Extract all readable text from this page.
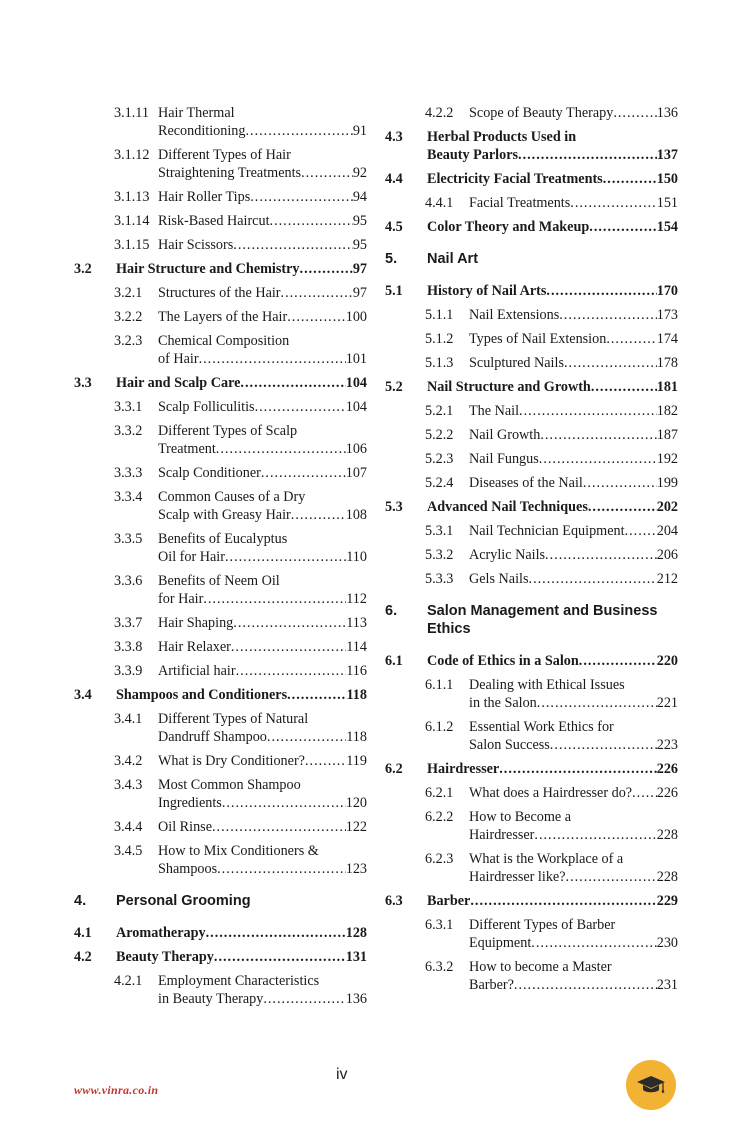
3.1.11 Hair Thermal
Reconditioning .....	91
3.1.12 Different Types of Hair
Straightening Treatments .....	92
3.1.13 Hair Roller Tips .....	94
3.1.14 Risk-Based Haircut .....	95
3.1.15 Hair Scissors .....	95
3.2 Hair Structure and Chemistry .....	97
3.2.1 Structures of the Hair .....	97
3.2.2 The Layers of the Hair .....	100
3.2.3 Chemical Composition
of Hair .....	101
3.3 Hair and Scalp Care .....	104
3.3.1 Scalp Folliculitis .....	104
3.3.2 Different Types of Scalp
Treatment .....	106
3.3.3 Scalp Conditioner .....	107
3.3.4 Common Causes of a Dry
Scalp with Greasy Hair .....	108
3.3.5 Benefits of Eucalyptus
Oil for Hair .....	110
3.3.6 Benefits of Neem Oil
for Hair .....	112
3.3.7 Hair Shaping .....	113
3.3.8 Hair Relaxer .....	114
3.3.9 Artificial hair .....	116
3.4 Shampoos and Conditioners .....	118
3.4.1 Different Types of Natural
Dandruff Shampoo .....	118
3.4.2 What is Dry Conditioner? .....	119
3.4.3 Most Common Shampoo
Ingredients .....	120
3.4.4 Oil Rinse .....	122
3.4.5 How to Mix Conditioners &
Shampoos .....	123
4. Personal Grooming
4.1 Aromatherapy .....	128
4.2 Beauty Therapy .....	131
4.2.1 Employment Characteristics
in Beauty Therapy .....	136
4.2.2 Scope of Beauty Therapy .....	136
4.3 Herbal Products Used in
Beauty Parlors .....	137
4.4 Electricity Facial Treatments .....	150
4.4.1 Facial Treatments .....	151
4.5 Color Theory and Makeup .....	154
5. Nail Art
5.1 History of Nail Arts .....	170
5.1.1 Nail Extensions .....	173
5.1.2 Types of Nail Extension .....	174
5.1.3 Sculptured Nails .....	178
5.2 Nail Structure and Growth .....	181
5.2.1 The Nail .....	182
5.2.2 Nail Growth .....	187
5.2.3 Nail Fungus .....	192
5.2.4 Diseases of the Nail .....	199
5.3 Advanced Nail Techniques .....	202
5.3.1 Nail Technician Equipment ..... 204
5.3.2 Acrylic Nails .....	206
5.3.3 Gels Nails .....	212
6. Salon Management and Business
Ethics
6.1 Code of Ethics in a Salon .....	220
6.1.1 Dealing with Ethical Issues
in the Salon .....	221
6.1.2 Essential Work Ethics for
Salon Success .....	223
6.2 Hairdresser .....	226
6.2.1 What does a Hairdresser do? ..... 226
6.2.2 How to Become a
Hairdresser .....	228
6.2.3 What is the Workplace of a
Hairdresser like? .....	228
6.3 Barber .....	229
6.3.1 Different Types of Barber
Equipment .....	230
6.3.2 How to become a Master
Barber? .....	231
www.vinra.co.in
iv
